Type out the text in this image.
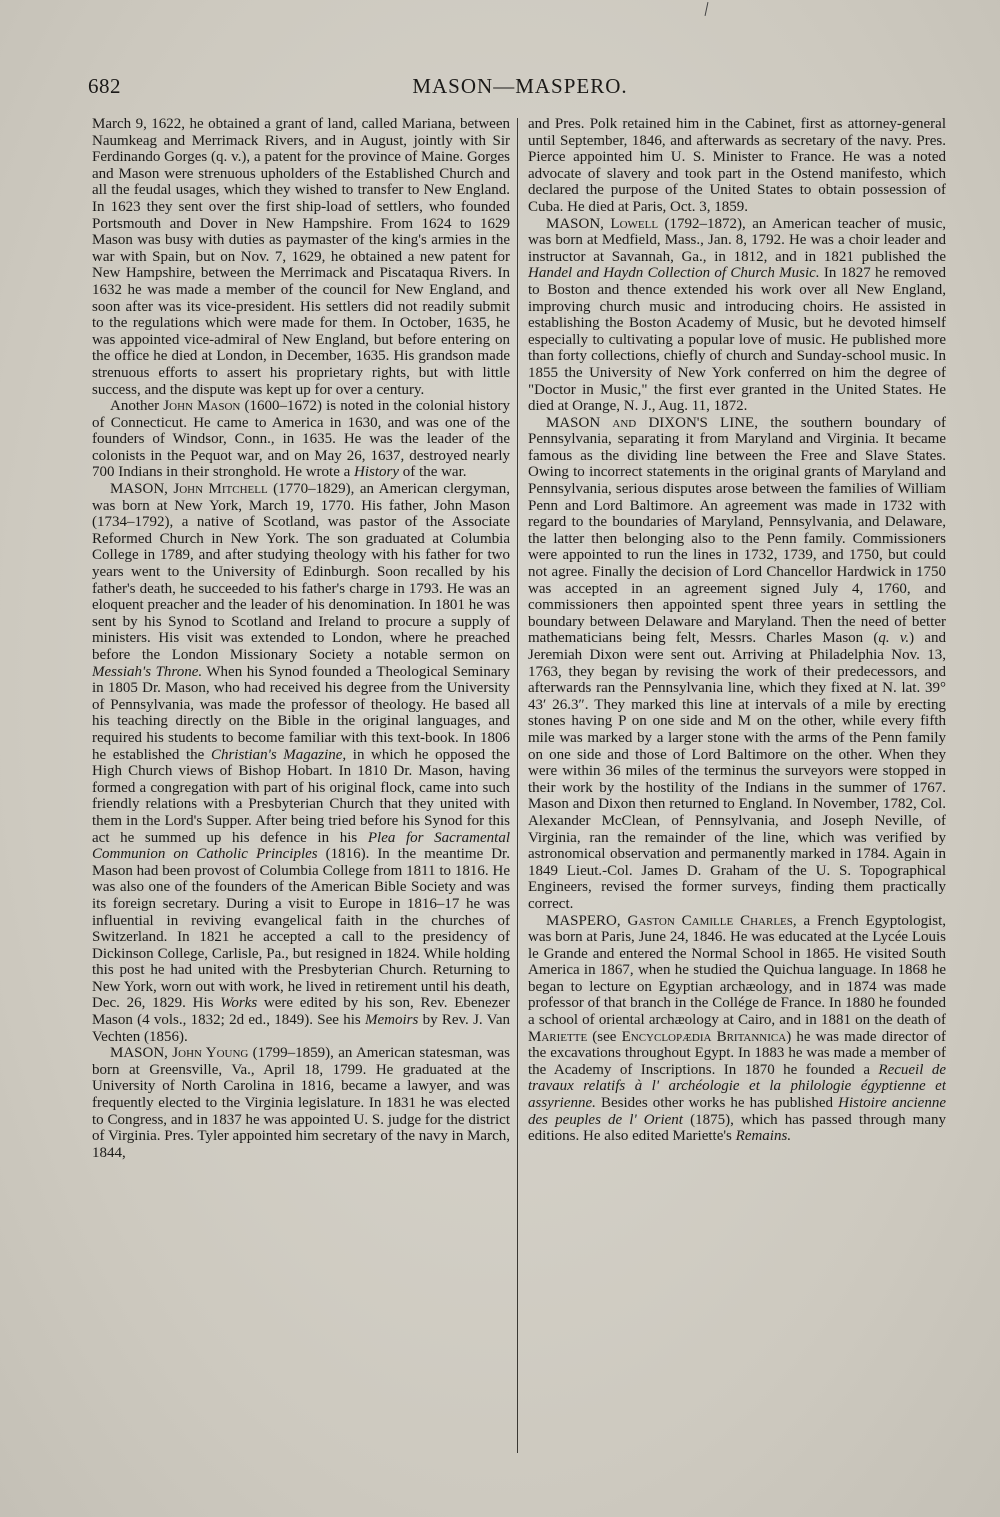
682	MASON—MASPERO.

March 9, 1622, he obtained a grant of land, called Mariana, between Naumkeag and Merrimack Rivers, and in August, jointly with Sir Ferdinando Gorges (q. v.), a patent for the province of Maine. Gorges and Mason were strenuous upholders of the Established Church and all the feudal usages, which they wished to transfer to New England. In 1623 they sent over the first ship-load of settlers, who founded Portsmouth and Dover in New Hampshire. From 1624 to 1629 Mason was busy with duties as paymaster of the king's armies in the war with Spain, but on Nov. 7, 1629, he obtained a new patent for New Hampshire, between the Merrimack and Piscataqua Rivers. In 1632 he was made a member of the council for New England, and soon after was its vice-president. His settlers did not readily submit to the regulations which were made for them. In October, 1635, he was appointed vice-admiral of New England, but before entering on the office he died at London, in December, 1635. His grandson made strenuous efforts to assert his proprietary rights, but with little success, and the dispute was kept up for over a century.

Another John Mason (1600–1672) is noted in the colonial history of Connecticut. He came to America in 1630, and was one of the founders of Windsor, Conn., in 1635. He was the leader of the colonists in the Pequot war, and on May 26, 1637, destroyed nearly 700 Indians in their stronghold. He wrote a History of the war.

MASON, John Mitchell (1770–1829), an American clergyman, was born at New York, March 19, 1770. His father, John Mason (1734–1792), a native of Scotland, was pastor of the Associate Reformed Church in New York. The son graduated at Columbia College in 1789, and after studying theology with his father for two years went to the University of Edinburgh. Soon recalled by his father's death, he succeeded to his father's charge in 1793. He was an eloquent preacher and the leader of his denomination. In 1801 he was sent by his Synod to Scotland and Ireland to procure a supply of ministers. His visit was extended to London, where he preached before the London Missionary Society a notable sermon on Messiah's Throne. When his Synod founded a Theological Seminary in 1805 Dr. Mason, who had received his degree from the University of Pennsylvania, was made the professor of theology. He based all his teaching directly on the Bible in the original languages, and required his students to become familiar with this text-book. In 1806 he established the Christian's Magazine, in which he opposed the High Church views of Bishop Hobart. In 1810 Dr. Mason, having formed a congregation with part of his original flock, came into such friendly relations with a Presbyterian Church that they united with them in the Lord's Supper. After being tried before his Synod for this act he summed up his defence in his Plea for Sacramental Communion on Catholic Principles (1816). In the meantime Dr. Mason had been provost of Columbia College from 1811 to 1816. He was also one of the founders of the American Bible Society and was its foreign secretary. During a visit to Europe in 1816–17 he was influential in reviving evangelical faith in the churches of Switzerland. In 1821 he accepted a call to the presidency of Dickinson College, Carlisle, Pa., but resigned in 1824. While holding this post he had united with the Presbyterian Church. Returning to New York, worn out with work, he lived in retirement until his death, Dec. 26, 1829. His Works were edited by his son, Rev. Ebenezer Mason (4 vols., 1832; 2d ed., 1849). See his Memoirs by Rev. J. Van Vechten (1856).

MASON, John Young (1799–1859), an American statesman, was born at Greensville, Va., April 18, 1799. He graduated at the University of North Carolina in 1816, became a lawyer, and was frequently elected to the Virginia legislature. In 1831 he was elected to Congress, and in 1837 he was appointed U. S. judge for the district of Virginia. Pres. Tyler appointed him secretary of the navy in March, 1844,

and Pres. Polk retained him in the Cabinet, first as attorney-general until September, 1846, and afterwards as secretary of the navy. Pres. Pierce appointed him U. S. Minister to France. He was a noted advocate of slavery and took part in the Ostend manifesto, which declared the purpose of the United States to obtain possession of Cuba. He died at Paris, Oct. 3, 1859.

MASON, Lowell (1792–1872), an American teacher of music, was born at Medfield, Mass., Jan. 8, 1792. He was a choir leader and instructor at Savannah, Ga., in 1812, and in 1821 published the Handel and Haydn Collection of Church Music. In 1827 he removed to Boston and thence extended his work over all New England, improving church music and introducing choirs. He assisted in establishing the Boston Academy of Music, but he devoted himself especially to cultivating a popular love of music. He published more than forty collections, chiefly of church and Sunday-school music. In 1855 the University of New York conferred on him the degree of "Doctor in Music," the first ever granted in the United States. He died at Orange, N. J., Aug. 11, 1872.

MASON and DIXON'S LINE, the southern boundary of Pennsylvania, separating it from Maryland and Virginia. It became famous as the dividing line between the Free and Slave States. Owing to incorrect statements in the original grants of Maryland and Pennsylvania, serious disputes arose between the families of William Penn and Lord Baltimore. An agreement was made in 1732 with regard to the boundaries of Maryland, Pennsylvania, and Delaware, the latter then belonging also to the Penn family. Commissioners were appointed to run the lines in 1732, 1739, and 1750, but could not agree. Finally the decision of Lord Chancellor Hardwick in 1750 was accepted in an agreement signed July 4, 1760, and commissioners then appointed spent three years in settling the boundary between Delaware and Maryland. Then the need of better mathematicians being felt, Messrs. Charles Mason (q. v.) and Jeremiah Dixon were sent out. Arriving at Philadelphia Nov. 13, 1763, they began by revising the work of their predecessors, and afterwards ran the Pennsylvania line, which they fixed at N. lat. 39° 43′ 26.3″. They marked this line at intervals of a mile by erecting stones having P on one side and M on the other, while every fifth mile was marked by a larger stone with the arms of the Penn family on one side and those of Lord Baltimore on the other. When they were within 36 miles of the terminus the surveyors were stopped in their work by the hostility of the Indians in the summer of 1767. Mason and Dixon then returned to England. In November, 1782, Col. Alexander McClean, of Pennsylvania, and Joseph Neville, of Virginia, ran the remainder of the line, which was verified by astronomical observation and permanently marked in 1784. Again in 1849 Lieut.-Col. James D. Graham of the U. S. Topographical Engineers, revised the former surveys, finding them practically correct.

MASPERO, Gaston Camille Charles, a French Egyptologist, was born at Paris, June 24, 1846. He was educated at the Lycée Louis le Grande and entered the Normal School in 1865. He visited South America in 1867, when he studied the Quichua language. In 1868 he began to lecture on Egyptian archæology, and in 1874 was made professor of that branch in the Collége de France. In 1880 he founded a school of oriental archæology at Cairo, and in 1881 on the death of Mariette (see Encyclopædia Britannica) he was made director of the excavations throughout Egypt. In 1883 he was made a member of the Academy of Inscriptions. In 1870 he founded a Recueil de travaux relatifs à l' archéologie et la philologie égyptienne et assyrienne. Besides other works he has published Histoire ancienne des peuples de l' Orient (1875), which has passed through many editions. He also edited Mariette's Remains.
